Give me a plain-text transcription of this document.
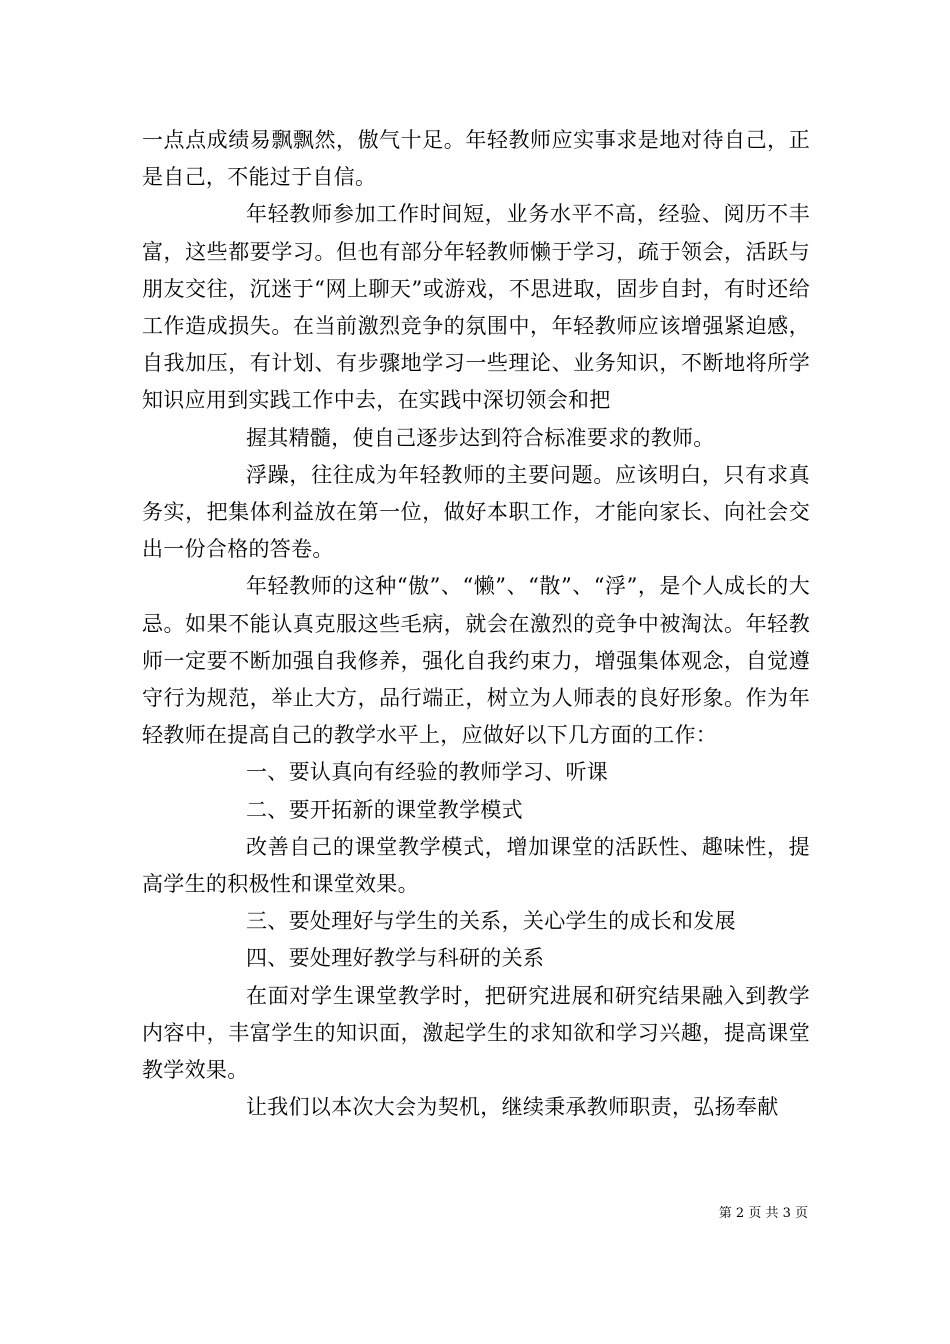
一点点成绩易飘飘然，傲气十足。年轻教师应实事求是地对待自己，正是自己，不能过于自信。

年轻教师参加工作时间短，业务水平不高，经验、阅历不丰富，这些都要学习。但也有部分年轻教师懒于学习，疏于领会，活跃与朋友交往，沉迷于“网上聊天”或游戏，不思进取，固步自封，有时还给工作造成损失。在当前激烈竞争的氛围中，年轻教师应该增强紧迫感，自我加压，有计划、有步骤地学习一些理论、业务知识，不断地将所学知识应用到实践工作中去，在实践中深切领会和把

握其精髓，使自己逐步达到符合标准要求的教师。

浮躁，往往成为年轻教师的主要问题。应该明白，只有求真务实，把集体利益放在第一位，做好本职工作，才能向家长、向社会交出一份合格的答卷。

年轻教师的这种“傲”、“懒”、“散”、“浮”，是个人成长的大忌。如果不能认真克服这些毛病，就会在激烈的竞争中被淘汰。年轻教师一定要不断加强自我修养，强化自我约束力，增强集体观念，自觉遵守行为规范，举止大方，品行端正，树立为人师表的良好形象。作为年轻教师在提高自己的教学水平上，应做好以下几方面的工作：

一、要认真向有经验的教师学习、听课

二、要开拓新的课堂教学模式

改善自己的课堂教学模式，增加课堂的活跃性、趣味性，提高学生的积极性和课堂效果。

三、要处理好与学生的关系，关心学生的成长和发展

四、要处理好教学与科研的关系

在面对学生课堂教学时，把研究进展和研究结果融入到教学内容中，丰富学生的知识面，激起学生的求知欲和学习兴趣，提高课堂教学效果。

让我们以本次大会为契机，继续秉承教师职责，弘扬奉献

第 2 页 共 3 页
